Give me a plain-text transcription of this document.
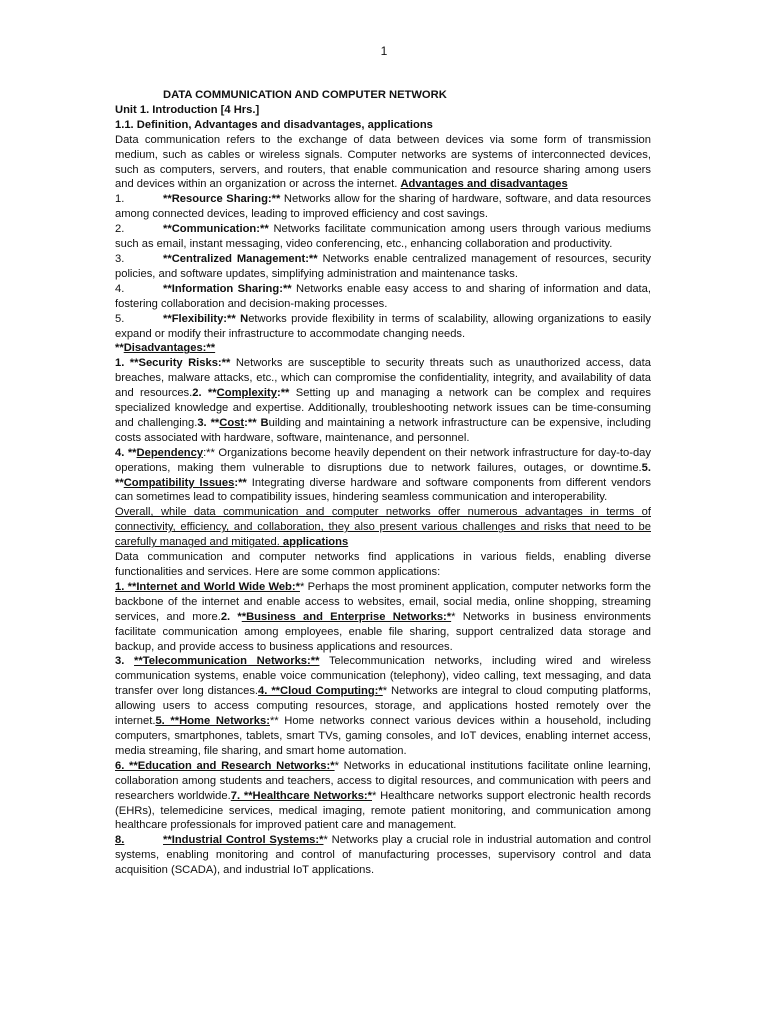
1

DATA COMMUNICATION AND COMPUTER NETWORK

Unit 1. Introduction [4 Hrs.]

1.1. Definition, Advantages and disadvantages, applications

Data communication refers to the exchange of data between devices via some form of transmission medium, such as cables or wireless signals. Computer networks are systems of interconnected devices, such as computers, servers, and routers, that enable communication and resource sharing among users and devices within an organization or across the internet. Advantages and disadvantages

1.	**Resource Sharing:** Networks allow for the sharing of hardware, software, and data resources among connected devices, leading to improved efficiency and cost savings.

2.	**Communication:** Networks facilitate communication among users through various mediums such as email, instant messaging, video conferencing, etc., enhancing collaboration and productivity.

3.	**Centralized Management:** Networks enable centralized management of resources, security policies, and software updates, simplifying administration and maintenance tasks.

4.	**Information Sharing:** Networks enable easy access to and sharing of information and data, fostering collaboration and decision-making processes.

5.	**Flexibility:** Networks provide flexibility in terms of scalability, allowing organizations to easily expand or modify their infrastructure to accommodate changing needs.

**Disadvantages:**

1. **Security Risks:** Networks are susceptible to security threats such as unauthorized access, data breaches, malware attacks, etc., which can compromise the confidentiality, integrity, and availability of data and resources.2. **Complexity:** Setting up and managing a network can be complex and requires specialized knowledge and expertise. Additionally, troubleshooting network issues can be time-consuming and challenging.3. **Cost:** Building and maintaining a network infrastructure can be expensive, including costs associated with hardware, software, maintenance, and personnel.

4. **Dependency:** Organizations become heavily dependent on their network infrastructure for day-to-day operations, making them vulnerable to disruptions due to network failures, outages, or downtime.5. **Compatibility Issues:** Integrating diverse hardware and software components from different vendors can sometimes lead to compatibility issues, hindering seamless communication and interoperability.

Overall, while data communication and computer networks offer numerous advantages in terms of connectivity, efficiency, and collaboration, they also present various challenges and risks that need to be carefully managed and mitigated. applications

Data communication and computer networks find applications in various fields, enabling diverse functionalities and services. Here are some common applications:

1. **Internet and World Wide Web:** Perhaps the most prominent application, computer networks form the backbone of the internet and enable access to websites, email, social media, online shopping, streaming services, and more.2. **Business and Enterprise Networks:** Networks in business environments facilitate communication among employees, enable file sharing, support centralized data storage and backup, and provide access to business applications and resources.

3. **Telecommunication Networks:** Telecommunication networks, including wired and wireless communication systems, enable voice communication (telephony), video calling, text messaging, and data transfer over long distances.4. **Cloud Computing:** Networks are integral to cloud computing platforms, allowing users to access computing resources, storage, and applications hosted remotely over the internet.5. **Home Networks:** Home networks connect various devices within a household, including computers, smartphones, tablets, smart TVs, gaming consoles, and IoT devices, enabling internet access, media streaming, file sharing, and smart home automation.

6. **Education and Research Networks:** Networks in educational institutions facilitate online learning, collaboration among students and teachers, access to digital resources, and communication with peers and researchers worldwide.7. **Healthcare Networks:** Healthcare networks support electronic health records (EHRs), telemedicine services, medical imaging, remote patient monitoring, and communication among healthcare professionals for improved patient care and management.

8.	**Industrial Control Systems:** Networks play a crucial role in industrial automation and control systems, enabling monitoring and control of manufacturing processes, supervisory control and data acquisition (SCADA), and industrial IoT applications.
